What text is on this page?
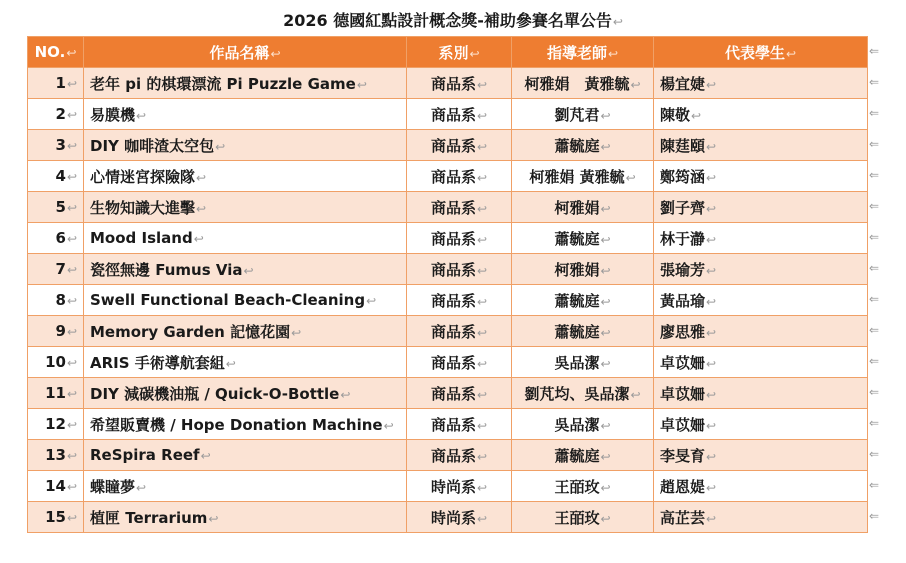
2026 德國紅點設計概念獎-補助參賽名單公告↩
NO.↩	作品名稱↩	系別↩	指導老師↩	代表學生↩
1↩	老年 pi 的棋環漂流 Pi Puzzle Game↩	商品系↩	柯雅娟　黃雅毓↩	楊宜婕↩
2↩	易膜機↩	商品系↩	劉芃君↩	陳敬↩
3↩	DIY 咖啡渣太空包↩	商品系↩	蕭毓庭↩	陳莛頤↩
4↩	心情迷宮探險隊↩	商品系↩	柯雅娟 黃雅毓↩	鄭筠涵↩
5↩	生物知識大進擊↩	商品系↩	柯雅娟↩	劉子齊↩
6↩	Mood Island↩	商品系↩	蕭毓庭↩	林于瀞↩
7↩	瓷徑無邊 Fumus Via↩	商品系↩	柯雅娟↩	張瑜芳↩
8↩	Swell Functional Beach-Cleaning↩	商品系↩	蕭毓庭↩	黃品瑜↩
9↩	Memory Garden 記憶花園↩	商品系↩	蕭毓庭↩	廖思雅↩
10↩	ARIS 手術導航套組↩	商品系↩	吳品潔↩	卓苡姍↩
11↩	DIY 減碳機油瓶 / Quick-O-Bottle↩	商品系↩	劉芃均、吳品潔↩	卓苡姍↩
12↩	希望販賣機 / Hope Donation Machine↩	商品系↩	吳品潔↩	卓苡姍↩
13↩	ReSpira Reef↩	商品系↩	蕭毓庭↩	李旻育↩
14↩	蝶瞳夢↩	時尚系↩	王皕玫↩	趙恩媞↩
15↩	植匣 Terrarium↩	時尚系↩	王皕玫↩	高芷芸↩
⇐
⇐
⇐
⇐
⇐
⇐
⇐
⇐
⇐
⇐
⇐
⇐
⇐
⇐
⇐
⇐
